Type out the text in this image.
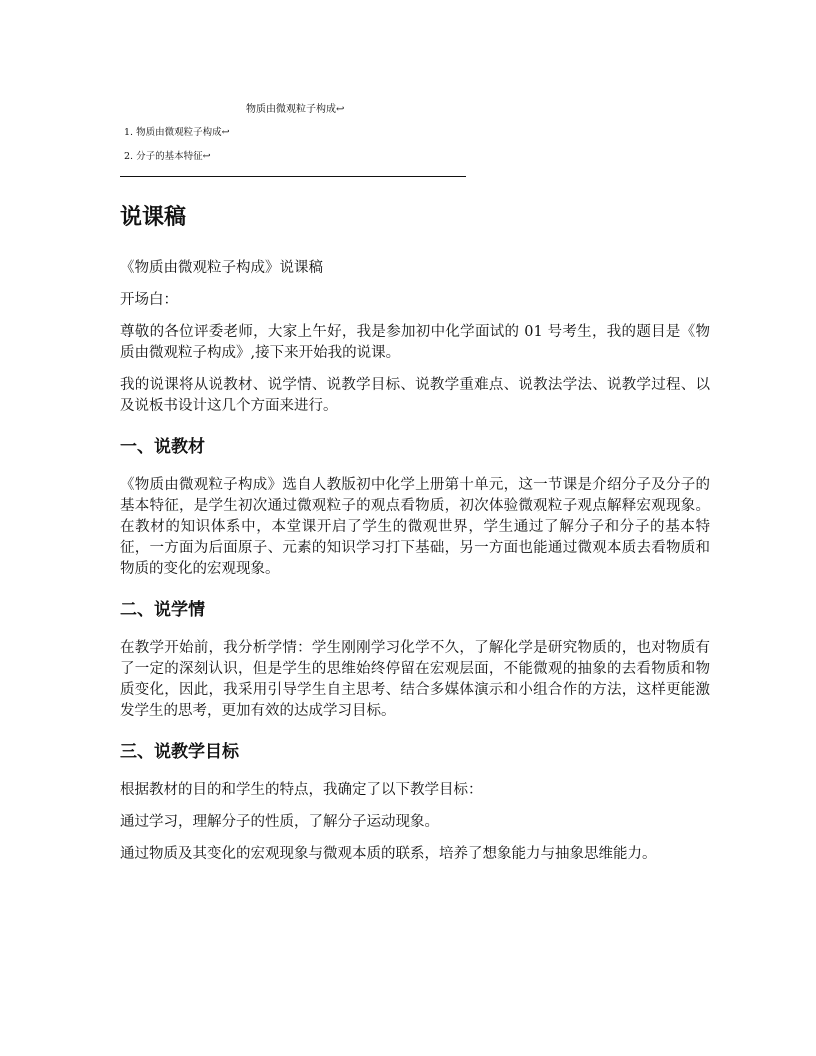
物质由微观粒子构成↩
1. 物质由微观粒子构成↩
2. 分子的基本特征↩
说课稿

《物质由微观粒子构成》说课稿

开场白：

尊敬的各位评委老师，大家上午好，我是参加初中化学面试的 01 号考生，我的题目是《物质由微观粒子构成》,接下来开始我的说课。

我的说课将从说教材、说学情、说教学目标、说教学重难点、说教法学法、说教学过程、以及说板书设计这几个方面来进行。

一、说教材

《物质由微观粒子构成》选自人教版初中化学上册第十单元，这一节课是介绍分子及分子的基本特征，是学生初次通过微观粒子的观点看物质，初次体验微观粒子观点解释宏观现象。在教材的知识体系中，本堂课开启了学生的微观世界，学生通过了解分子和分子的基本特征，一方面为后面原子、元素的知识学习打下基础，另一方面也能通过微观本质去看物质和物质的变化的宏观现象。

二、说学情

在教学开始前，我分析学情：学生刚刚学习化学不久，了解化学是研究物质的，也对物质有了一定的深刻认识，但是学生的思维始终停留在宏观层面，不能微观的抽象的去看物质和物质变化，因此，我采用引导学生自主思考、结合多媒体演示和小组合作的方法，这样更能激发学生的思考，更加有效的达成学习目标。

三、说教学目标

根据教材的目的和学生的特点，我确定了以下教学目标：

通过学习，理解分子的性质，了解分子运动现象。

通过物质及其变化的宏观现象与微观本质的联系，培养了想象能力与抽象思维能力。
